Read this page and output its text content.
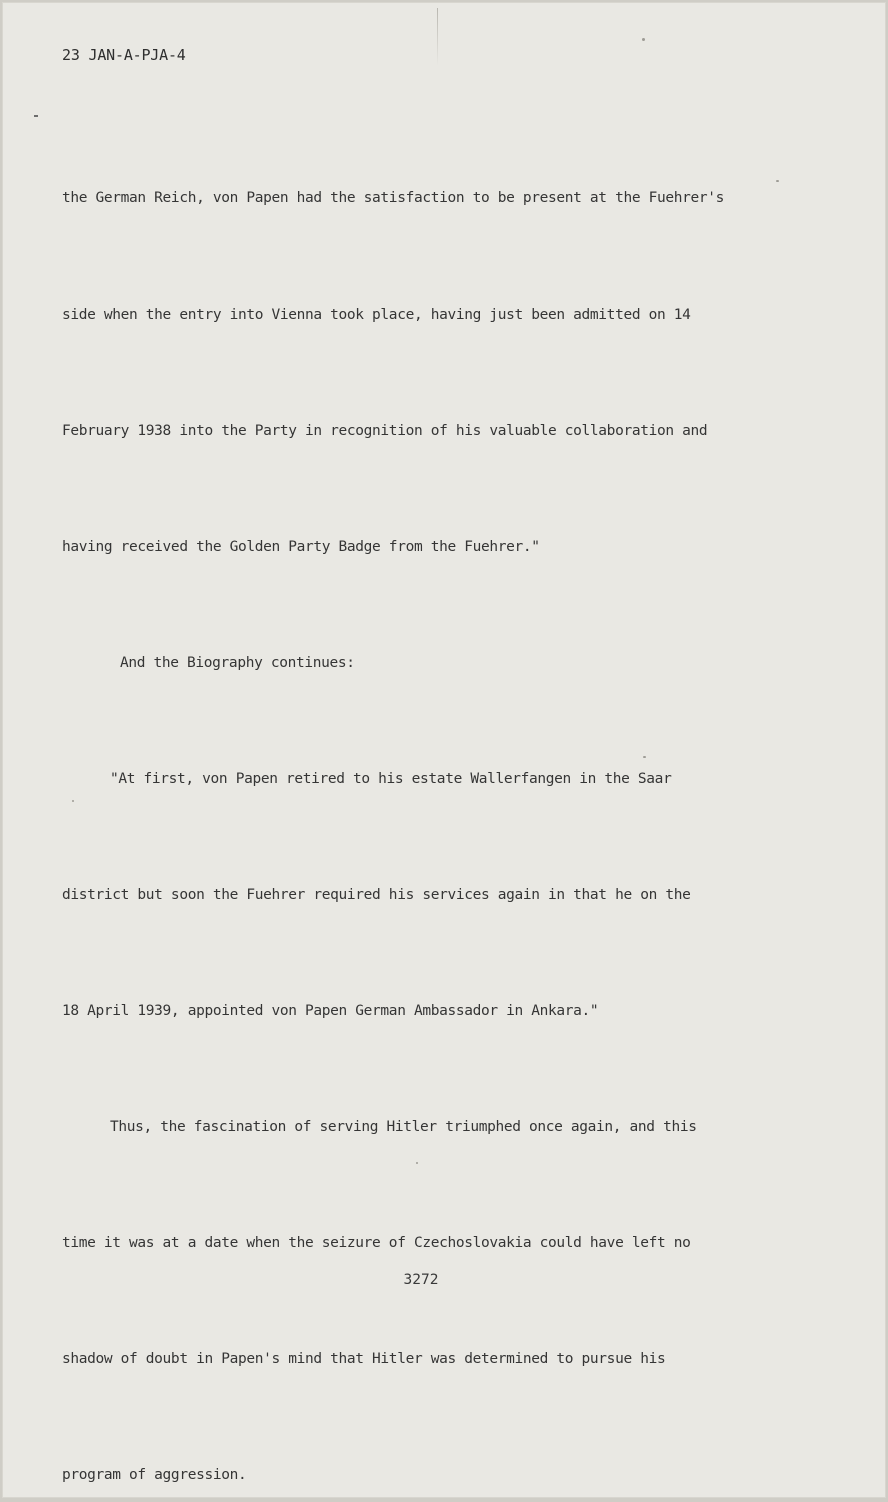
23 JAN-A-PJA-4

the German Reich, von Papen had the satisfaction to be present at the Fuehrer's

side when the entry into Vienna took place, having just been admitted on 14

February 1938 into the Party in recognition of his valuable collaboration and

having received the Golden Party Badge from the Fuehrer."

And the Biography continues:

"At first, von Papen retired to his estate Wallerfangen in the Saar

district but soon the Fuehrer required his services again in that he on the

18 April 1939, appointed von Papen German Ambassador in Ankara."

Thus, the fascination of serving Hitler triumphed once again, and this

time it was at a date when the seizure of Czechoslovakia could have left no

shadow of doubt in Papen's mind that Hitler was determined to pursue his

program of aggression.

3272
